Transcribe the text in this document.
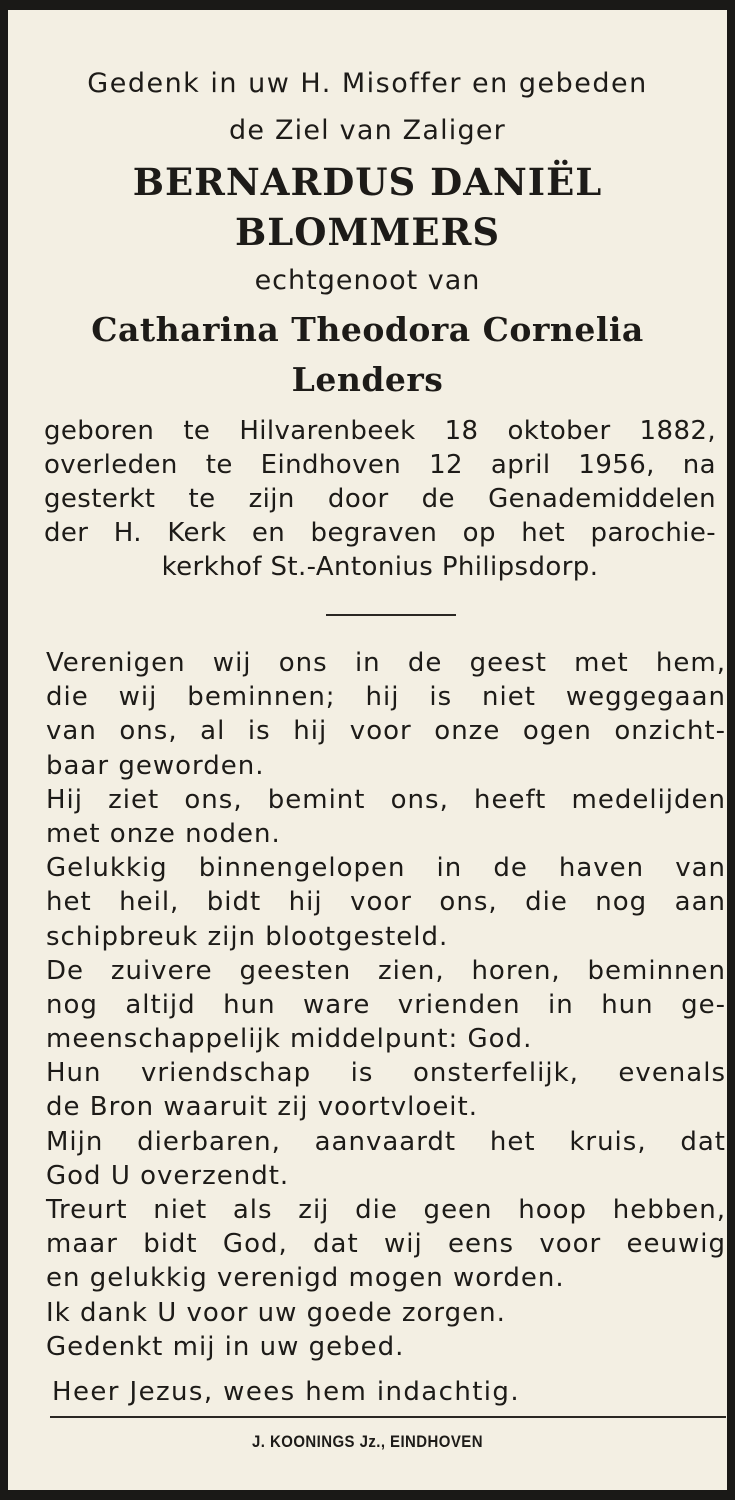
Gedenk in uw H. Misoffer en gebeden

de Ziel van Zaliger

BERNARDUS DANIËL

BLOMMERS

echtgenoot van

Catharina Theodora Cornelia

Lenders

geboren te Hilvarenbeek 18 oktober 1882,
overleden te Eindhoven 12 april 1956, na
gesterkt te zijn door de Genademiddelen
der H. Kerk en begraven op het parochie-
kerkhof St.-Antonius Philipsdorp.
Verenigen wij ons in de geest met hem,
die wij beminnen; hij is niet weggegaan
van ons, al is hij voor onze ogen onzicht-
baar geworden.
Hij ziet ons, bemint ons, heeft medelijden
met onze noden.
Gelukkig binnengelopen in de haven van
het heil, bidt hij voor ons, die nog aan
schipbreuk zijn blootgesteld.
De zuivere geesten zien, horen, beminnen
nog altijd hun ware vrienden in hun ge-
meenschappelijk middelpunt: God.
Hun vriendschap is onsterfelijk, evenals
de Bron waaruit zij voortvloeit.
Mijn dierbaren, aanvaardt het kruis, dat
God U overzendt.
Treurt niet als zij die geen hoop hebben,
maar bidt God, dat wij eens voor eeuwig
en gelukkig verenigd mogen worden.
Ik dank U voor uw goede zorgen.
Gedenkt mij in uw gebed.

Heer Jezus, wees hem indachtig.

J. KOONINGS Jz., EINDHOVEN
